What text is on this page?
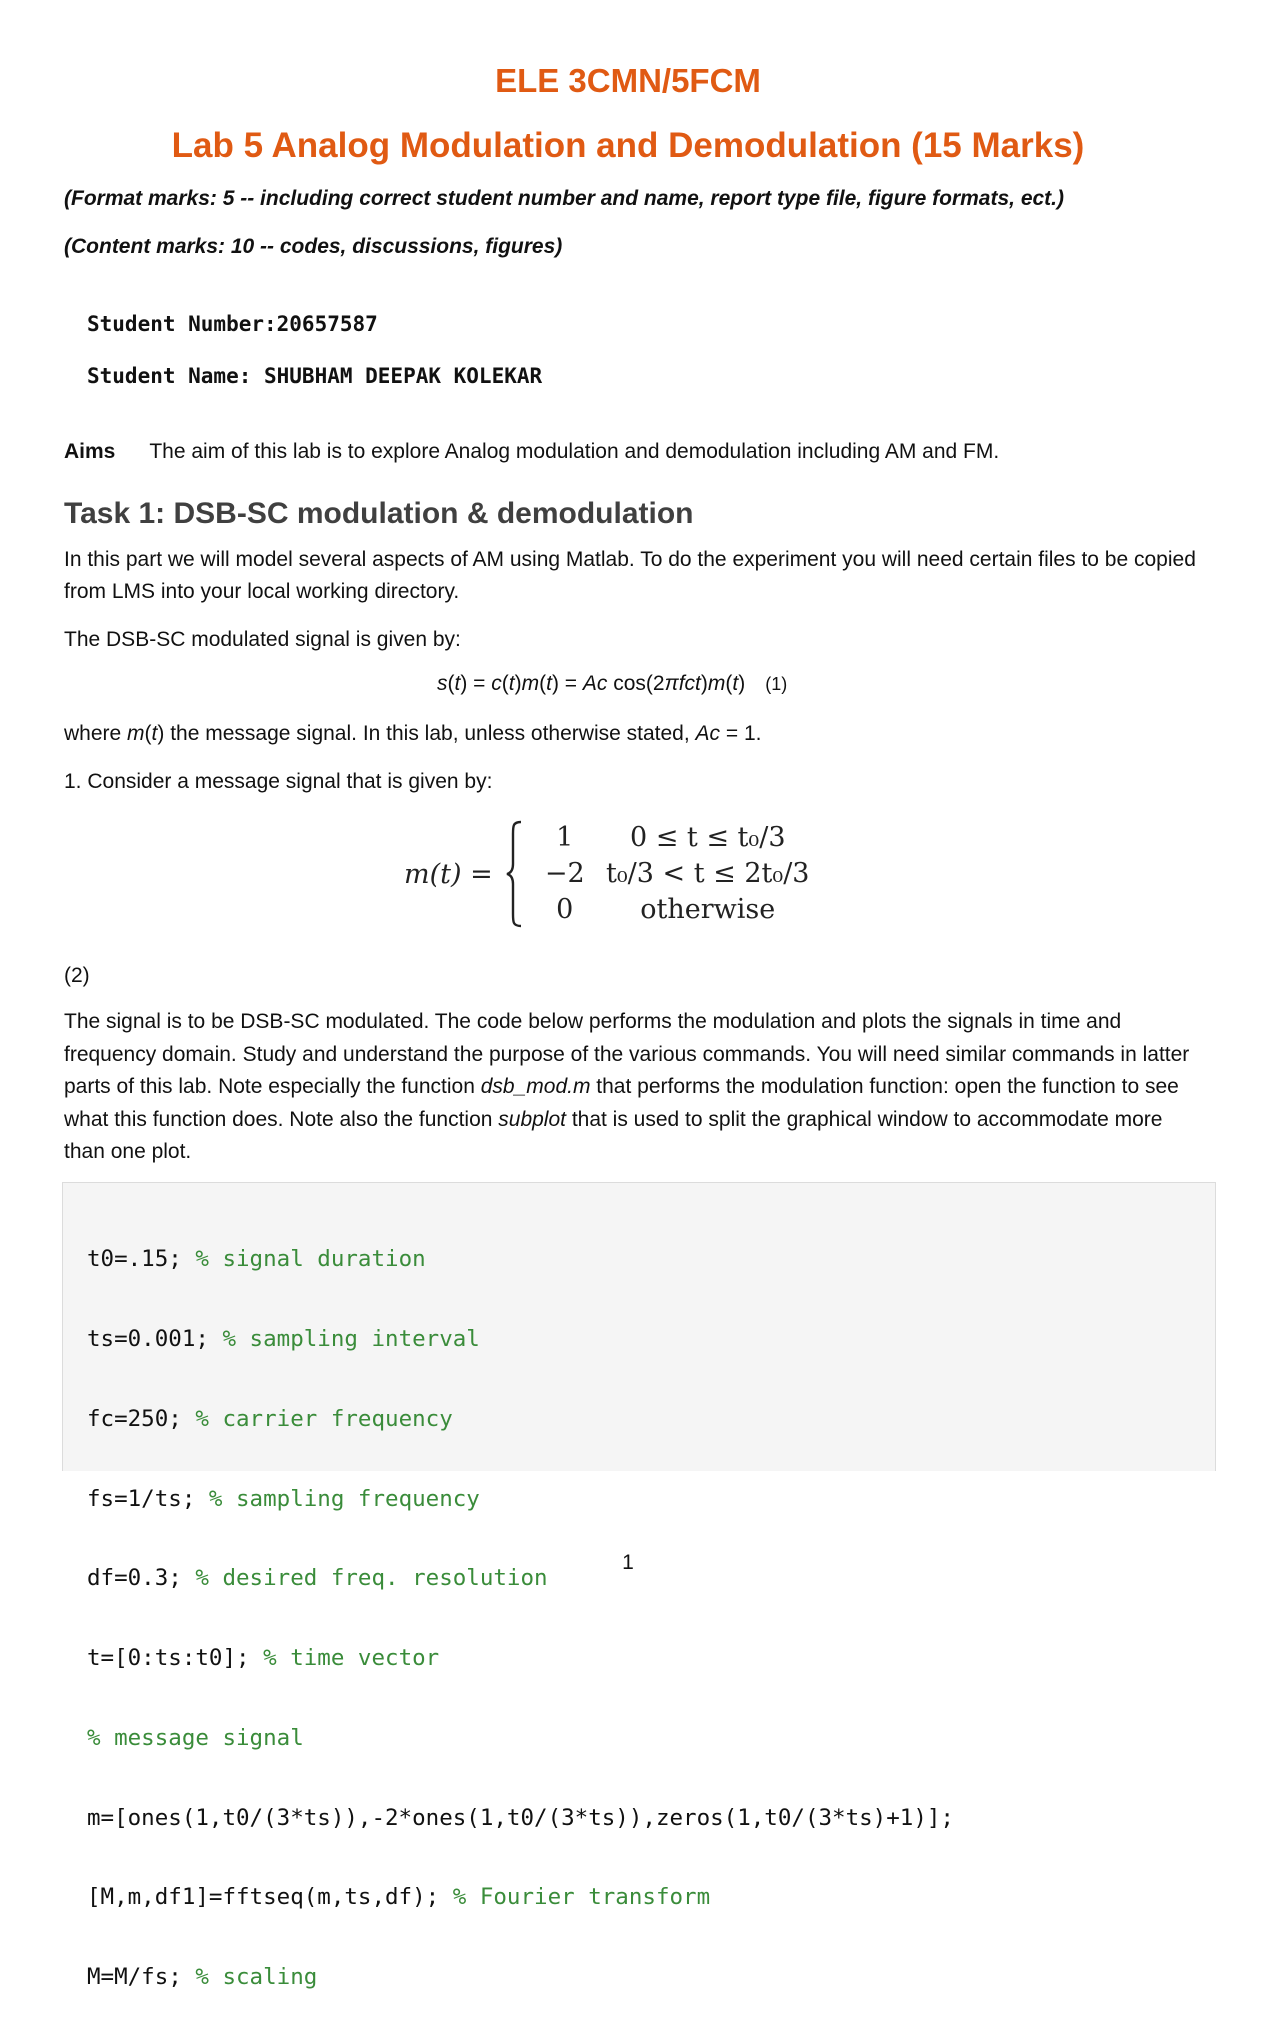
ELE 3CMN/5FCM
Lab 5 Analog Modulation and Demodulation (15 Marks)
(Format marks: 5 -- including correct student number and name, report type file, figure formats, ect.)
(Content marks: 10 -- codes, discussions, figures)
Student Number:20657587
Student Name: SHUBHAM DEEPAK KOLEKAR
Aims The aim of this lab is to explore Analog modulation and demodulation including AM and FM.
Task 1: DSB-SC modulation & demodulation
In this part we will model several aspects of AM using Matlab. To do the experiment you will need certain files to be copied from LMS into your local working directory.
The DSB-SC modulated signal is given by:
s(t) = c(t)m(t) = Ac cos(2πfct)m(t) (1)
where m(t) the message signal. In this lab, unless otherwise stated, Ac = 1.
1. Consider a message signal that is given by:
m(t) =
1	0 ≤ t ≤ t₀/3
−2 t₀/3 < t ≤ 2t₀/3
0	otherwise
(2)
The signal is to be DSB-SC modulated. The code below performs the modulation and plots the signals in time and frequency domain. Study and understand the purpose of the various commands. You will need similar commands in latter parts of this lab. Note especially the function dsb_mod.m that performs the modulation function: open the function to see what this function does. Note also the function subplot that is used to split the graphical window to accommodate more than one plot.

t0=.15; % signal duration

ts=0.001; % sampling interval

fc=250; % carrier frequency

fs=1/ts; % sampling frequency

df=0.3; % desired freq. resolution

t=[0:ts:t0]; % time vector

% message signal

m=[ones(1,t0/(3*ts)),-2*ones(1,t0/(3*ts)),zeros(1,t0/(3*ts)+1)];

[M,m,df1]=fftseq(m,ts,df); % Fourier transform

M=M/fs; % scaling

1
